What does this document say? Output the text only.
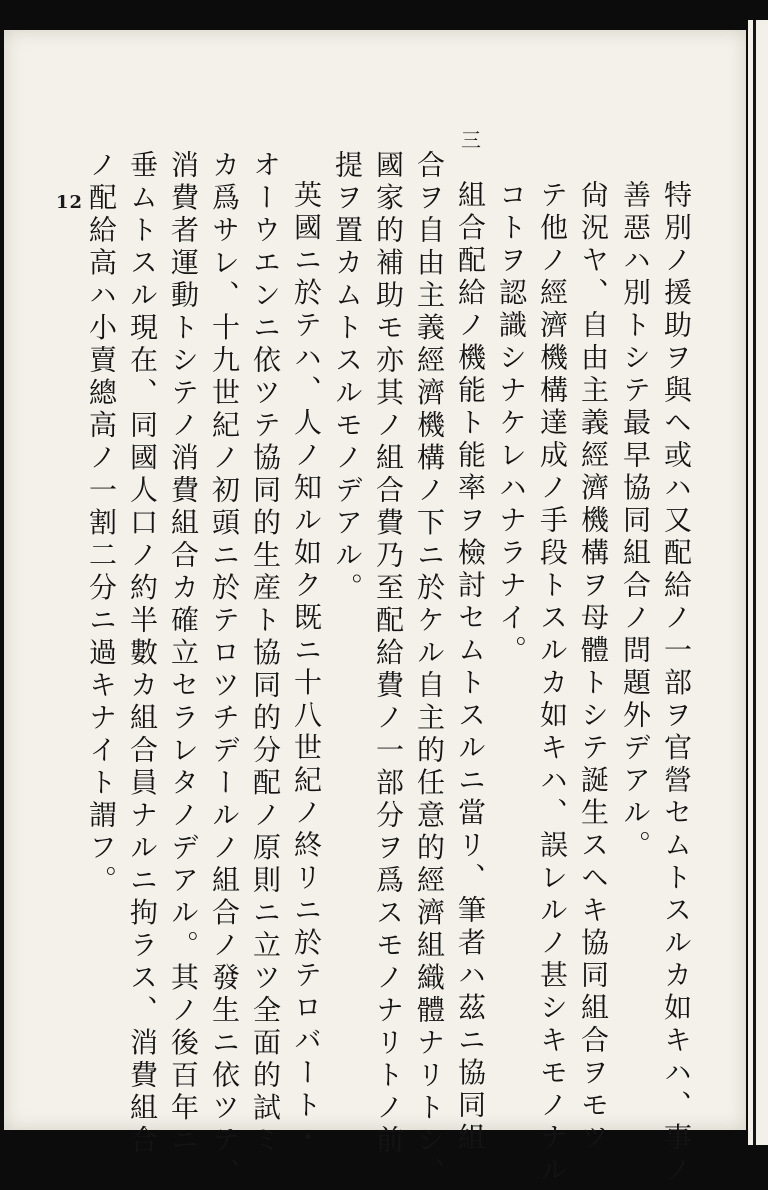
12
三
特別ノ援助ヲ與ヘ或ハ又配給ノ一部ヲ官營セムトスルカ如キハ、事ノ
善惡ハ別トシテ最早協同組合ノ問題外デアル。
尙況ヤ、自由主義經濟機構ヲ母體トシテ誕生スヘキ協同組合ヲモツ
テ他ノ經濟機構達成ノ手段トスルカ如キハ、誤レルノ甚シキモノナル
コトヲ認識シナケレハナラナイ。
組合配給ノ機能ト能率ヲ檢討セムトスルニ當リ、筆者ハ茲ニ協同組
合ヲ自由主義經濟機構ノ下ニ於ケル自主的任意的經濟組織體ナリトシ、
國家的補助モ亦其ノ組合費乃至配給費ノ一部分ヲ爲スモノナリトノ前
提ヲ置カムトスルモノデアル。
英國ニ於テハ、人ノ知ル如ク既ニ十八世紀ノ終リニ於テロバート・
オーウエンニ依ツテ協同的生産ト協同的分配ノ原則ニ立ツ全面的試ミ
カ爲サレ、十九世紀ノ初頭ニ於テロツチデールノ組合ノ發生ニ依ツテ、
消費者運動トシテノ消費組合カ確立セラレタノデアル。其ノ後百年ニ
垂ムトスル現在、同國人口ノ約半數カ組合員ナルニ拘ラス、消費組合
ノ配給高ハ小賣總高ノ一割二分ニ過キナイト謂フ。
